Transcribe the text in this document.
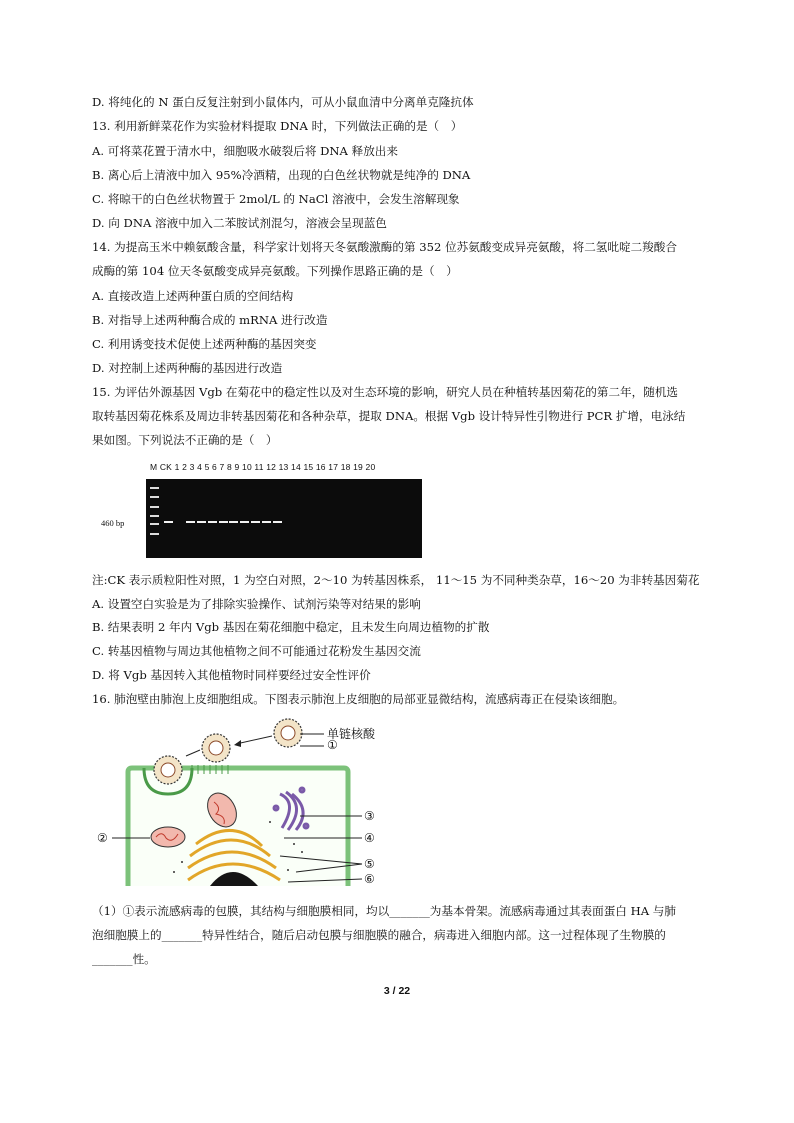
D. 将纯化的 N 蛋白反复注射到小鼠体内，可从小鼠血清中分离单克隆抗体
13. 利用新鲜菜花作为实验材料提取 DNA 时，下列做法正确的是（　）
A. 可将菜花置于清水中，细胞吸水破裂后将 DNA 释放出来
B. 离心后上清液中加入 95%冷酒精，出现的白色丝状物就是纯净的 DNA
C. 将晾干的白色丝状物置于 2mol/L 的 NaCl 溶液中，会发生溶解现象
D. 向 DNA 溶液中加入二苯胺试剂混匀，溶液会呈现蓝色
14. 为提高玉米中赖氨酸含量，科学家计划将天冬氨酸激酶的第 352 位苏氨酸变成异亮氨酸，将二氢吡啶二羧酸合
成酶的第 104 位天冬氨酸变成异亮氨酸。下列操作思路正确的是（　）
A. 直接改造上述两种蛋白质的空间结构
B. 对指导上述两种酶合成的 mRNA 进行改造
C. 利用诱变技术促使上述两种酶的基因突变
D. 对控制上述两种酶的基因进行改造
15. 为评估外源基因 Vgb 在菊花中的稳定性以及对生态环境的影响，研究人员在种植转基因菊花的第二年，随机选
取转基因菊花株系及周边非转基因菊花和各种杂草，提取 DNA。根据 Vgb 设计特异性引物进行 PCR 扩增，电泳结
果如图。下列说法不正确的是（　）
M CK 1 2 3 4 5 6 7 8 9 10 11 12 13 14 15 16 17 18 19 20
460 bp
注:CK 表示质粒阳性对照，1 为空白对照，2～10 为转基因株系， 11～15 为不同种类杂草，16～20 为非转基因菊花
A. 设置空白实验是为了排除实验操作、试剂污染等对结果的影响
B. 结果表明 2 年内 Vgb 基因在菊花细胞中稳定，且未发生向周边植物的扩散
C. 转基因植物与周边其他植物之间不可能通过花粉发生基因交流
D. 将 Vgb 基因转入其他植物时同样要经过安全性评价
16. 肺泡壁由肺泡上皮细胞组成。下图表示肺泡上皮细胞的局部亚显微结构，流感病毒正在侵染该细胞。
单链核酸
①
②
③
④
⑤
⑥
（1）①表示流感病毒的包膜，其结构与细胞膜相同，均以_______为基本骨架。流感病毒通过其表面蛋白 HA 与肺
泡细胞膜上的_______特异性结合，随后启动包膜与细胞膜的融合，病毒进入细胞内部。这一过程体现了生物膜的
_______性。
3 / 22
